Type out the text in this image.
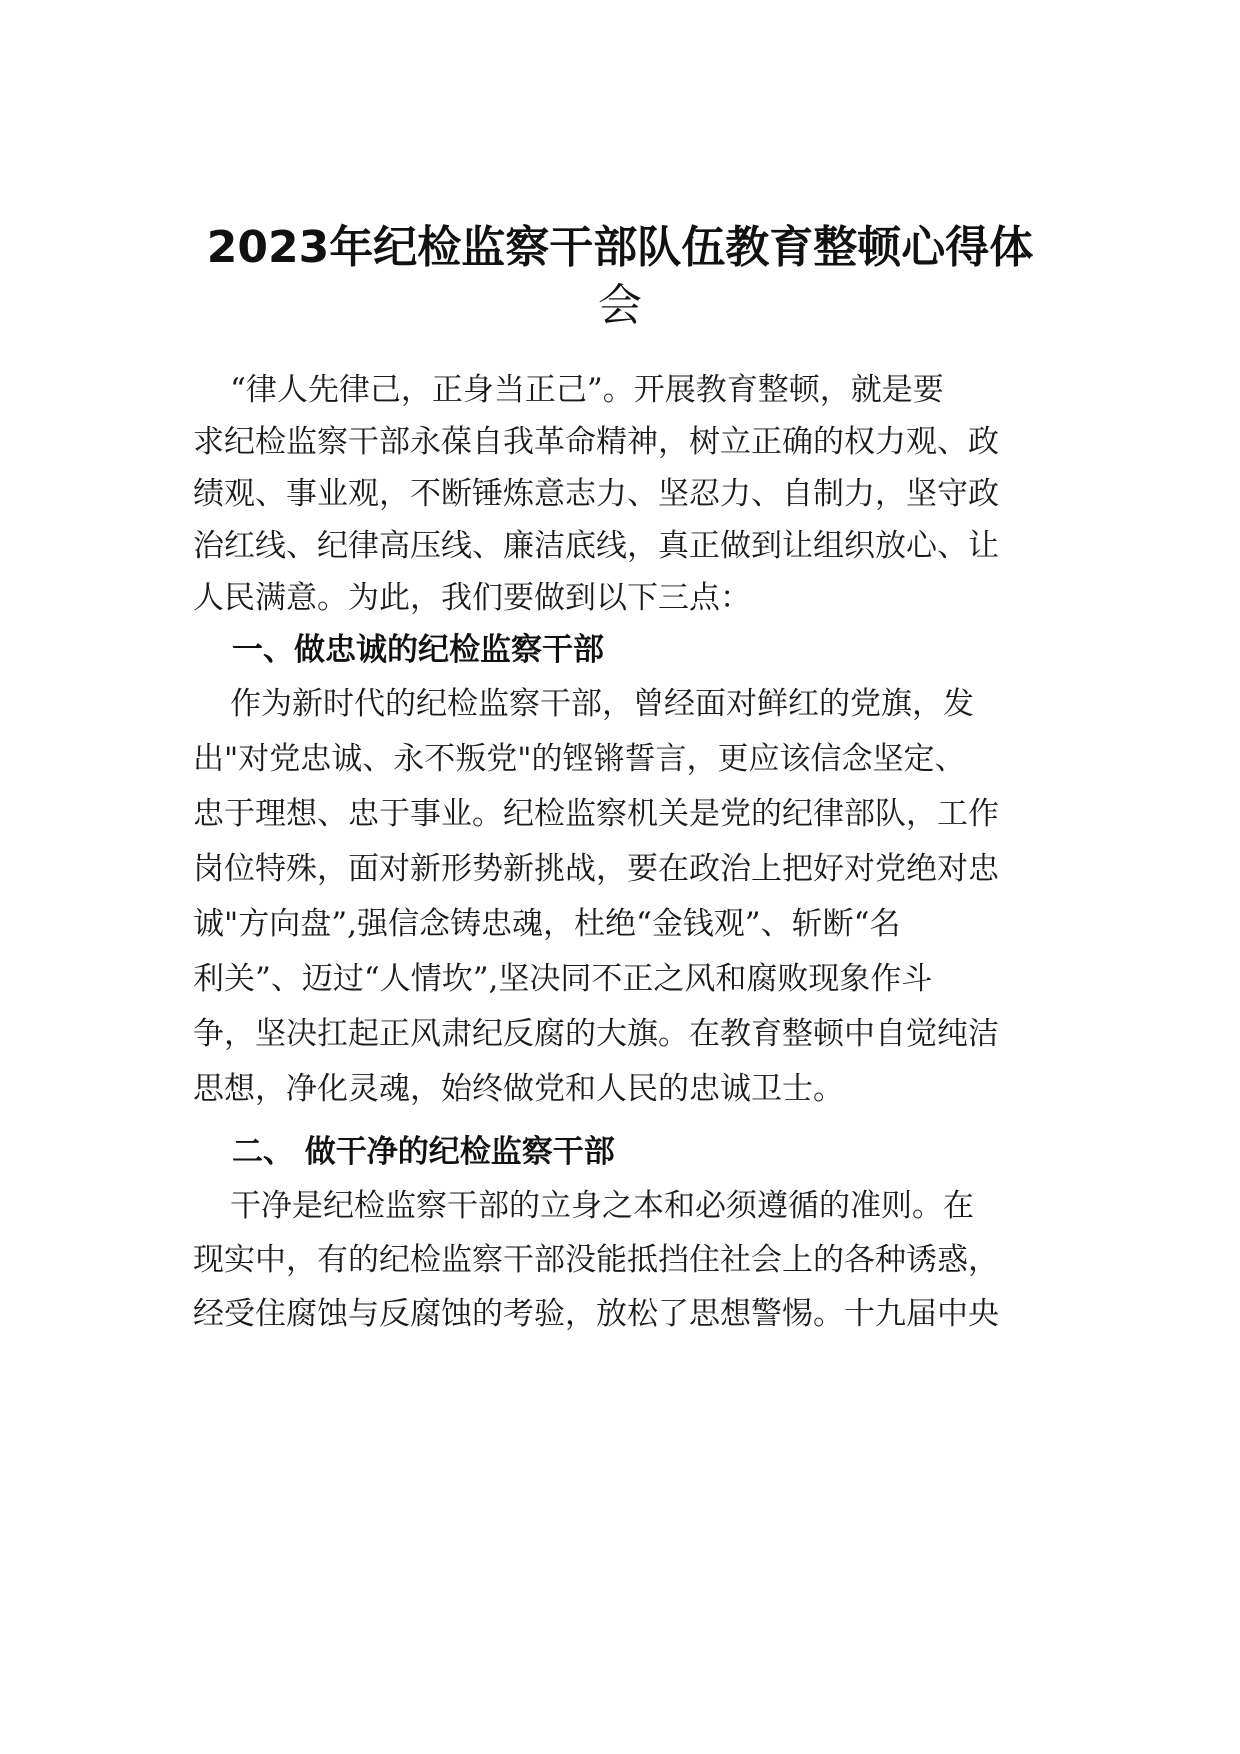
2023年纪检监察干部队伍教育整顿心得体
会
“律人先律己，正身当正己”。开展教育整顿，就是要
求纪检监察干部永葆自我革命精神，树立正确的权力观、政
绩观、事业观，不断锤炼意志力、坚忍力、自制力，坚守政
治红线、纪律高压线、廉洁底线，真正做到让组织放心、让
人民满意。为此，我们要做到以下三点：
一、做忠诚的纪检监察干部
作为新时代的纪检监察干部，曾经面对鲜红的党旗，发
出"对党忠诚、永不叛党"的铿锵誓言，更应该信念坚定、
忠于理想、忠于事业。纪检监察机关是党的纪律部队，工作
岗位特殊，面对新形势新挑战，要在政治上把好对党绝对忠
诚"方向盘”,强信念铸忠魂，杜绝“金钱观”、斩断“名
利关”、迈过“人情坎”,坚决同不正之风和腐败现象作斗
争，坚决扛起正风肃纪反腐的大旗。在教育整顿中自觉纯洁
思想，净化灵魂，始终做党和人民的忠诚卫士。
二、 做干净的纪检监察干部
干净是纪检监察干部的立身之本和必须遵循的准则。在
现实中，有的纪检监察干部没能抵挡住社会上的各种诱惑，
经受住腐蚀与反腐蚀的考验，放松了思想警惕。十九届中央
